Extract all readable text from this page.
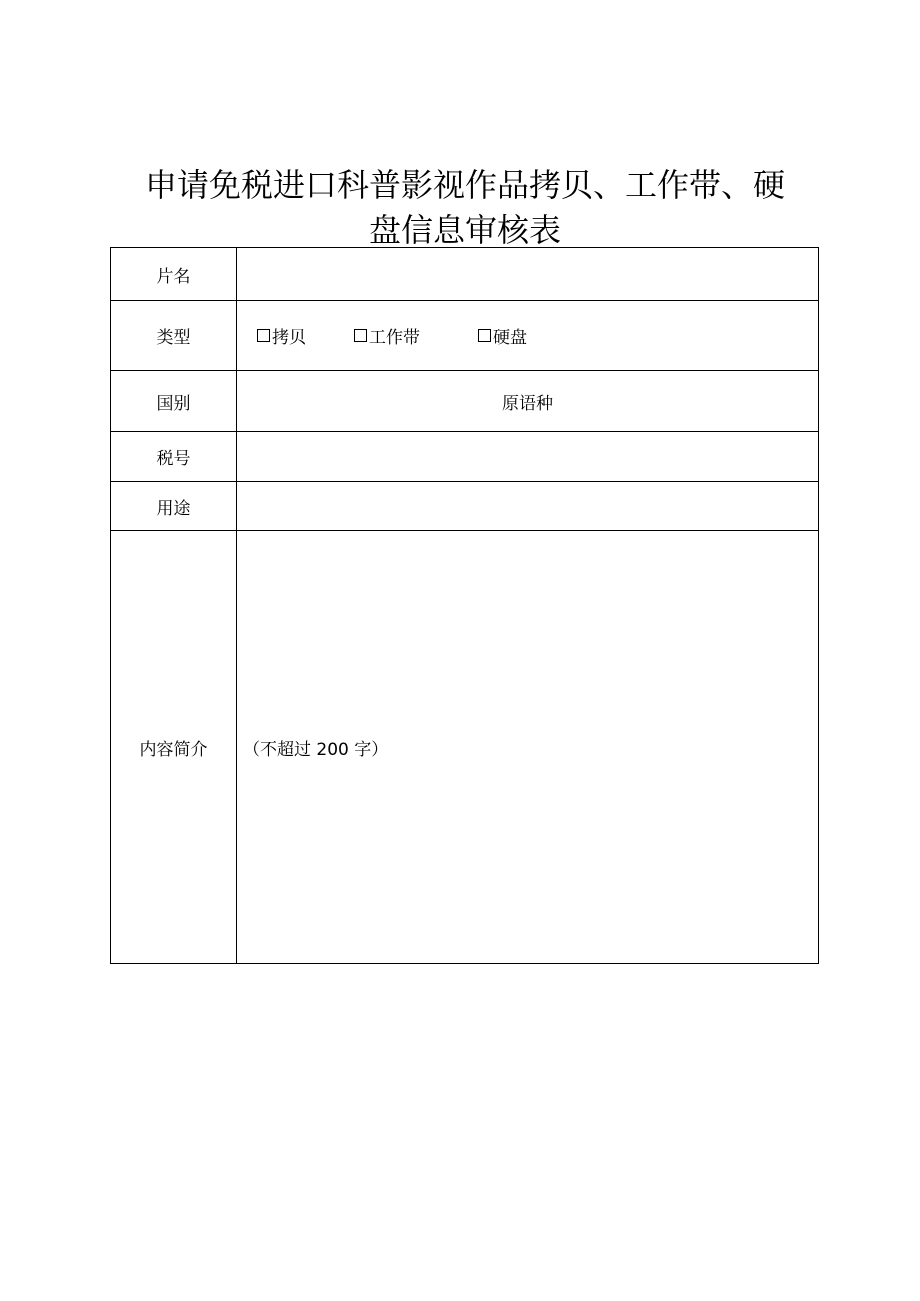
申请免税进口科普影视作品拷贝、工作带、硬
盘信息审核表
片名	
类型	拷贝 工作带 硬盘

国别	原语种

税号	
用途	
内容简介	（不超过 200 字）
